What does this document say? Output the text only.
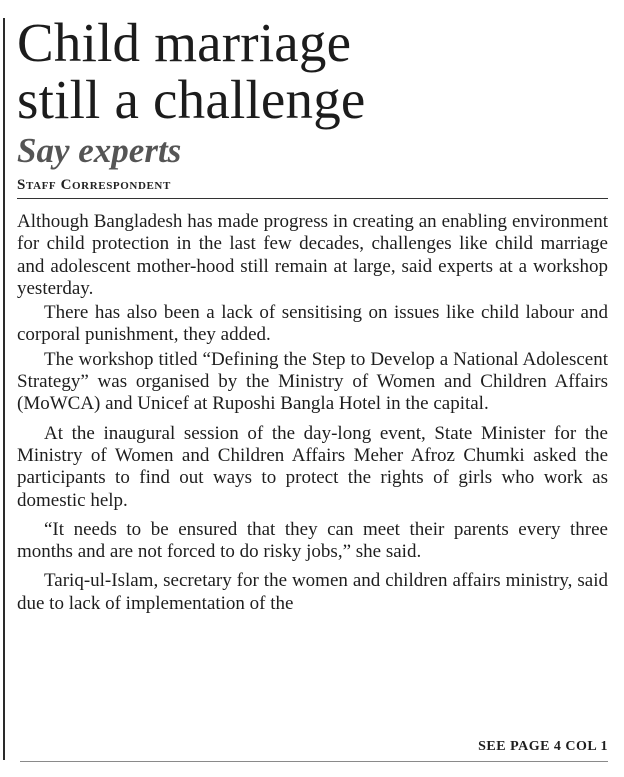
Child marriage
still a challenge
Say experts
Staff Correspondent

Although Bangladesh has made progress in creating an enabling environment for child protection in the last few decades, challenges like child marriage and adolescent mother-hood still remain at large, said experts at a workshop yesterday.

There has also been a lack of sensitising on issues like child labour and corporal punishment, they added.

The workshop titled “Defining the Step to Develop a National Adolescent Strategy” was organised by the Ministry of Women and Children Affairs (MoWCA) and Unicef at Ruposhi Bangla Hotel in the capital.

At the inaugural session of the day-long event, State Minister for the Ministry of Women and Children Affairs Meher Afroz Chumki asked the participants to find out ways to protect the rights of girls who work as domestic help.

“It needs to be ensured that they can meet their parents every three months and are not forced to do risky jobs,” she said.

Tariq-ul-Islam, secretary for the women and children affairs ministry, said due to lack of implementation of the

SEE PAGE 4 COL 1
